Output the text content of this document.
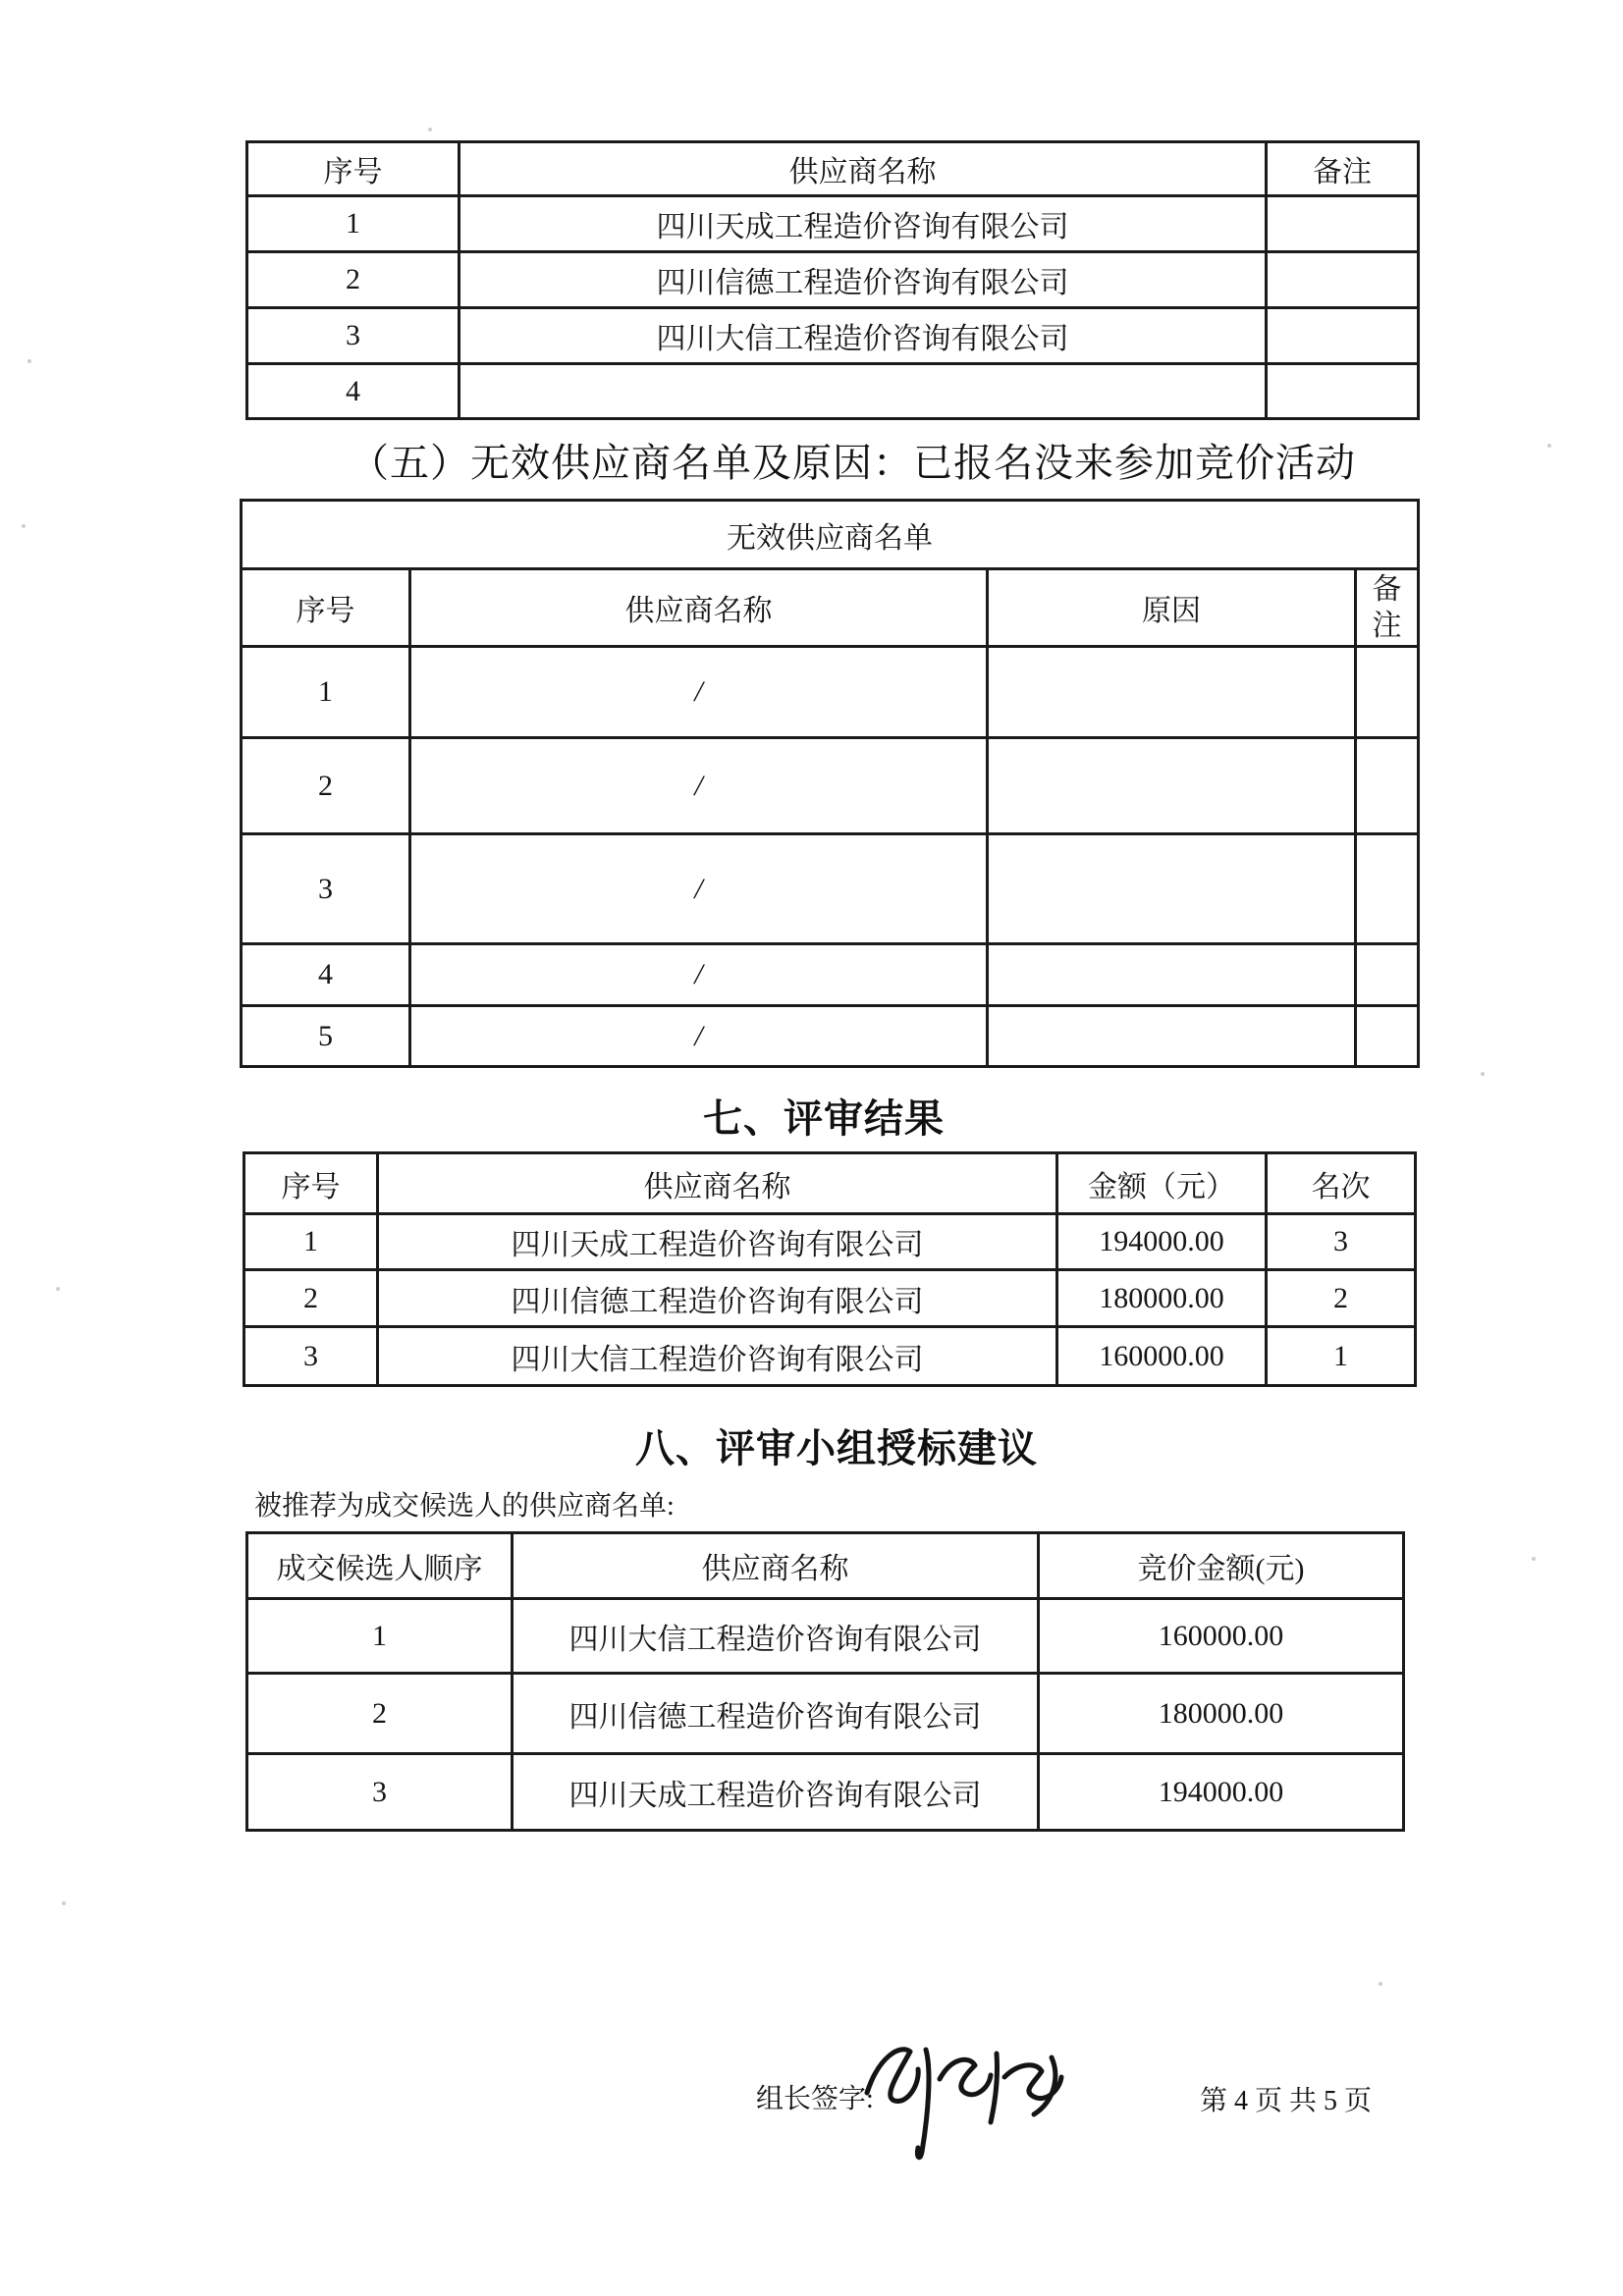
序号	供应商名称	备注
1	四川天成工程造价咨询有限公司	
2	四川信德工程造价咨询有限公司	
3	四川大信工程造价咨询有限公司	
4		
（五）无效供应商名单及原因：已报名没来参加竞价活动
无效供应商名单			
序号	供应商名称	原因	备
注

1	/		
2	/		
3	/		
4	/		
5	/		
七、评审结果
序号	供应商名称	金额（元）	名次
1	四川天成工程造价咨询有限公司	194000.00	3
2	四川信德工程造价咨询有限公司	180000.00	2
3	四川大信工程造价咨询有限公司	160000.00	1
八、评审小组授标建议
被推荐为成交候选人的供应商名单:
成交候选人顺序	供应商名称	竞价金额(元)
1	四川大信工程造价咨询有限公司	160000.00
2	四川信德工程造价咨询有限公司	180000.00
3	四川天成工程造价咨询有限公司	194000.00
组长签字:	第 4 页 共 5 页
